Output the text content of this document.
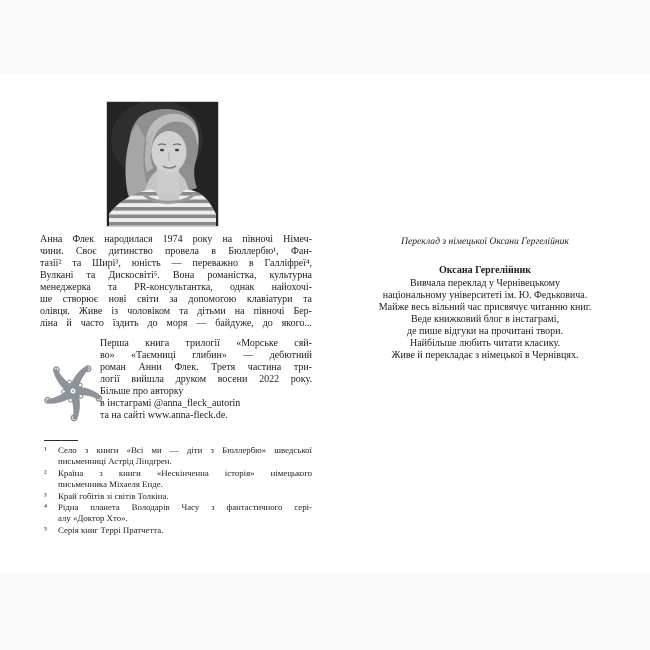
Анна Флек народилася 1974 року на півночі Німеч-
чини. Своє дитинство провела в Бюллербю¹, Фан-
тазії² та Ширі³, юність — переважно в Галліфреї⁴,
Вулкані та Дискосвіті⁵. Вона романістка, культурна
менеджерка та PR-консультантка, однак найохочі-
ше створює нові світи за допомогою клавіатури та
олівця. Живе із чоловіком та дітьми на півночі Бер-
ліна й часто їздить до моря — байдуже, до якого...
Перша книга трилогії «Морське сяй-
во» «Таємниці глибин» — дебютний
роман Анни Флек. Третя частина три-
логії вийшла друком восени 2022 року.
Більше про авторку
в інстаграмі @anna_fleck_autorin
та на сайті www.anna-fleck.de.
¹ Село з книги «Всі ми — діти з Бюллербю» шведської
письменниці Астрід Ліндґрен.
² Країна з книги «Нескінченна історія» німецького
письменника Міхаеля Енде.
³ Край гобітів зі світів Толкіна.
⁴ Рідна планета Володарів Часу з фантастичного сері-
алу «Доктор Хто».
⁵ Серія книг Террі Пратчетта.
Переклад з німецької Оксани Гергелійник
Оксана Гергелійник
Вивчала переклад у Чернівецькому
національному університеті ім. Ю. Федьковича.
Майже весь вільний час присвячує читанню книг.
Веде книжковий блог в інстаграмі,
де пише відгуки на прочитані твори.
Найбільше любить читати класику.
Живе й перекладає з німецької в Чернівцях.
